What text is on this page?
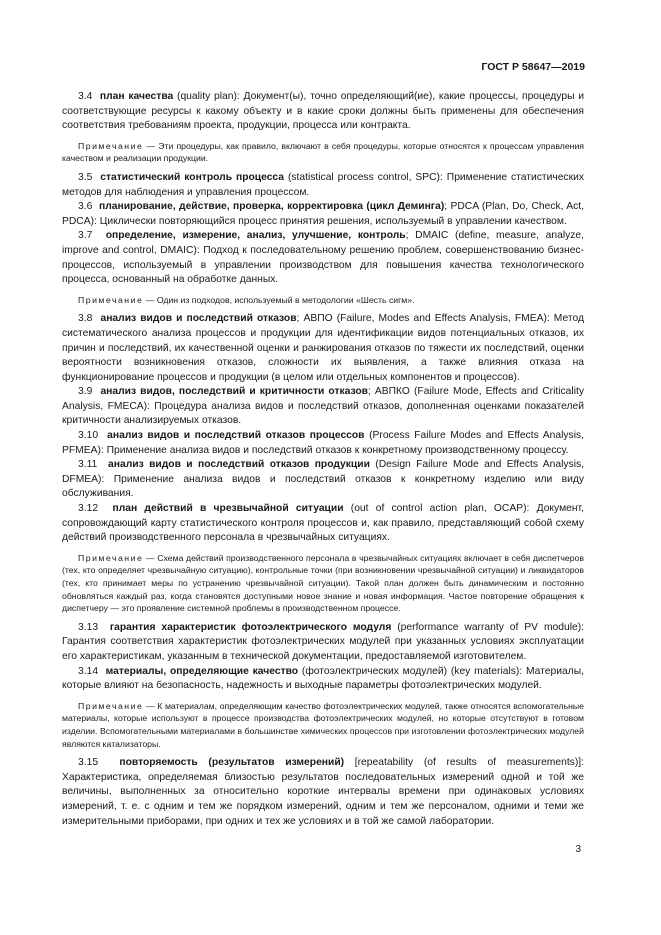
ГОСТ Р 58647—2019

3.4 план качества (quality plan): Документ(ы), точно определяющий(ие), какие процессы, процедуры и соответствующие ресурсы к какому объекту и в какие сроки должны быть применены для обеспечения соответствия требованиям проекта, продукции, процесса или контракта.

Примечание — Эти процедуры, как правило, включают в себя процедуры, которые относятся к процессам управления качеством и реализации продукции.

3.5 статистический контроль процесса (statistical process control, SPC): Применение статистических методов для наблюдения и управления процессом.

3.6 планирование, действие, проверка, корректировка (цикл Деминга); PDCA (Plan, Do, Check, Act, PDCA): Циклически повторяющийся процесс принятия решения, используемый в управлении качеством.

3.7 определение, измерение, анализ, улучшение, контроль; DMAIC (define, measure, analyze, improve and control, DMAIC): Подход к последовательному решению проблем, совершенствованию бизнес-процессов, используемый в управлении производством для повышения качества технологического процесса, основанный на обработке данных.

Примечание — Один из подходов, используемый в методологии «Шесть сигм».

3.8 анализ видов и последствий отказов; АВПО (Failure, Modes and Effects Analysis, FMEA): Метод систематического анализа процессов и продукции для идентификации видов потенциальных отказов, их причин и последствий, их качественной оценки и ранжирования отказов по тяжести их последствий, оценки вероятности возникновения отказов, сложности их выявления, а также влияния отказа на функционирование процессов и продукции (в целом или отдельных компонентов и процессов).

3.9 анализ видов, последствий и критичности отказов; АВПКО (Failure Mode, Effects and Criticality Analysis, FMECA): Процедура анализа видов и последствий отказов, дополненная оценками показателей критичности анализируемых отказов.

3.10 анализ видов и последствий отказов процессов (Process Failure Modes and Effects Analysis, PFMEA): Применение анализа видов и последствий отказов к конкретному производственному процессу.

3.11 анализ видов и последствий отказов продукции (Design Failure Mode and Effects Analysis, DFMEA): Применение анализа видов и последствий отказов к конкретному изделию или виду обслуживания.

3.12 план действий в чрезвычайной ситуации (out of control action plan, OCAP): Документ, сопровождающий карту статистического контроля процессов и, как правило, представляющий собой схему действий производственного персонала в чрезвычайных ситуациях.

Примечание — Схема действий производственного персонала в чрезвычайных ситуациях включает в себя диспетчеров (тех, кто определяет чрезвычайную ситуацию), контрольные точки (при возникновении чрезвычайной ситуации) и ликвидаторов (тех, кто принимает меры по устранению чрезвычайной ситуации). Такой план должен быть динамическим и постоянно обновляться каждый раз, когда становятся доступными новое знание и новая информация. Частое повторение обращения к диспетчеру — это проявление системной проблемы в производственном процессе.

3.13 гарантия характеристик фотоэлектрического модуля (performance warranty of PV module): Гарантия соответствия характеристик фотоэлектрических модулей при указанных условиях эксплуатации его характеристикам, указанным в технической документации, предоставляемой изготовителем.

3.14 материалы, определяющие качество (фотоэлектрических модулей) (key materials): Материалы, которые влияют на безопасность, надежность и выходные параметры фотоэлектрических модулей.

Примечание — К материалам, определяющим качество фотоэлектрических модулей, также относятся вспомогательные материалы, которые используют в процессе производства фотоэлектрических модулей, но которые отсутствуют в готовом изделии. Вспомогательными материалами в большинстве химических процессов при изготовлении фотоэлектрических модулей являются катализаторы.

3.15 повторяемость (результатов измерений) [repeatability (of results of measurements)]: Характеристика, определяемая близостью результатов последовательных измерений одной и той же величины, выполненных за относительно короткие интервалы времени при одинаковых условиях измерений, т. е. с одним и тем же порядком измерений, одним и тем же персоналом, одними и теми же измерительными приборами, при одних и тех же условиях и в той же самой лаборатории.

3
